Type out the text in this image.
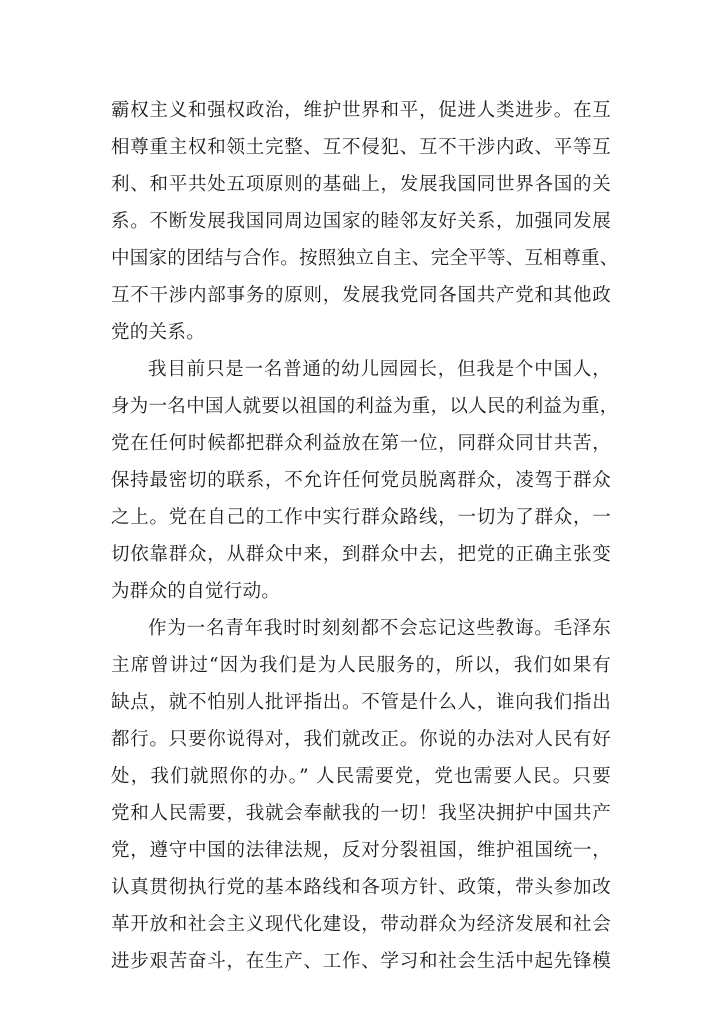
霸权主义和强权政治，维护世界和平，促进人类进步。在互
相尊重主权和领土完整、互不侵犯、互不干涉内政、平等互
利、和平共处五项原则的基础上，发展我国同世界各国的关
系。不断发展我国同周边国家的睦邻友好关系，加强同发展
中国家的团结与合作。按照独立自主、完全平等、互相尊重、
互不干涉内部事务的原则，发展我党同各国共产党和其他政
党的关系。
我目前只是一名普通的幼儿园园长，但我是个中国人，
身为一名中国人就要以祖国的利益为重，以人民的利益为重，
党在任何时候都把群众利益放在第一位，同群众同甘共苦，
保持最密切的联系，不允许任何党员脱离群众，凌驾于群众
之上。党在自己的工作中实行群众路线，一切为了群众，一
切依靠群众，从群众中来，到群众中去，把党的正确主张变
为群众的自觉行动。
作为一名青年我时时刻刻都不会忘记这些教诲。毛泽东
主席曾讲过“因为我们是为人民服务的，所以，我们如果有
缺点，就不怕别人批评指出。不管是什么人，谁向我们指出
都行。只要你说得对，我们就改正。你说的办法对人民有好
处，我们就照你的办。” 人民需要党，党也需要人民。只要
党和人民需要，我就会奉献我的一切！我坚决拥护中国共产
党，遵守中国的法律法规，反对分裂祖国，维护祖国统一，
认真贯彻执行党的基本路线和各项方针、政策，带头参加改
革开放和社会主义现代化建设，带动群众为经济发展和社会
进步艰苦奋斗，在生产、工作、学习和社会生活中起先锋模
